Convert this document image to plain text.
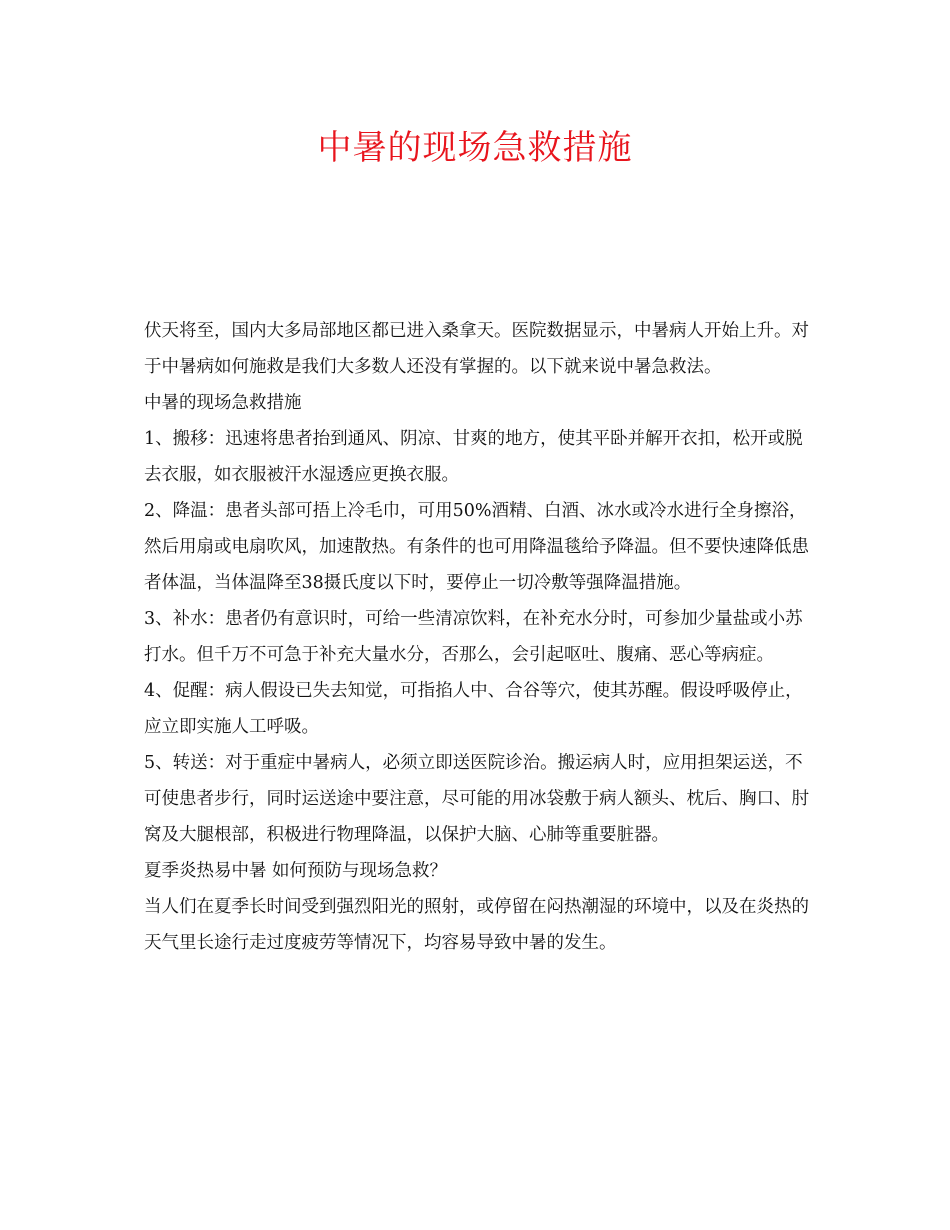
中暑的现场急救措施

伏天将至，国内大多局部地区都已进入桑拿天。医院数据显示，中暑病人开始上升。对于中暑病如何施救是我们大多数人还没有掌握的。以下就来说中暑急救法。

中暑的现场急救措施

1、搬移：迅速将患者抬到通风、阴凉、甘爽的地方，使其平卧并解开衣扣，松开或脱去衣服，如衣服被汗水湿透应更换衣服。

2、降温：患者头部可捂上冷毛巾，可用50%酒精、白酒、冰水或冷水进行全身擦浴，然后用扇或电扇吹风，加速散热。有条件的也可用降温毯给予降温。但不要快速降低患者体温，当体温降至38摄氏度以下时，要停止一切冷敷等强降温措施。

3、补水：患者仍有意识时，可给一些清凉饮料，在补充水分时，可参加少量盐或小苏打水。但千万不可急于补充大量水分，否那么，会引起呕吐、腹痛、恶心等病症。

4、促醒：病人假设已失去知觉，可指掐人中、合谷等穴，使其苏醒。假设呼吸停止，应立即实施人工呼吸。

5、转送：对于重症中暑病人，必须立即送医院诊治。搬运病人时，应用担架运送，不可使患者步行，同时运送途中要注意，尽可能的用冰袋敷于病人额头、枕后、胸口、肘窝及大腿根部，积极进行物理降温，以保护大脑、心肺等重要脏器。

夏季炎热易中暑 如何预防与现场急救？

当人们在夏季长时间受到强烈阳光的照射，或停留在闷热潮湿的环境中，以及在炎热的天气里长途行走过度疲劳等情况下，均容易导致中暑的发生。
